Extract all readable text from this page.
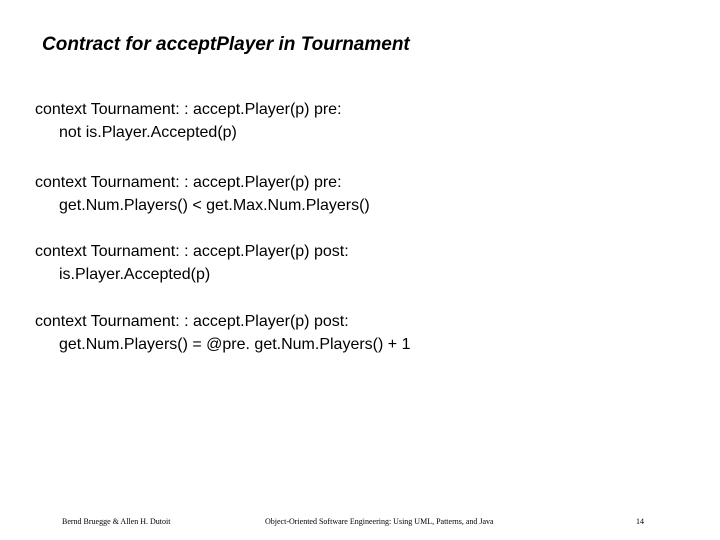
Contract for acceptPlayer in Tournament
context Tournament: : accept.Player(p) pre:
not is.Player.Accepted(p)
context Tournament: : accept.Player(p) pre:
get.Num.Players() < get.Max.Num.Players()
context Tournament: : accept.Player(p) post:
is.Player.Accepted(p)
context Tournament: : accept.Player(p) post:
get.Num.Players() = @pre. get.Num.Players() + 1
Bernd Bruegge & Allen H. Dutoit	Object-Oriented Software Engineering: Using UML, Patterns, and Java	14
